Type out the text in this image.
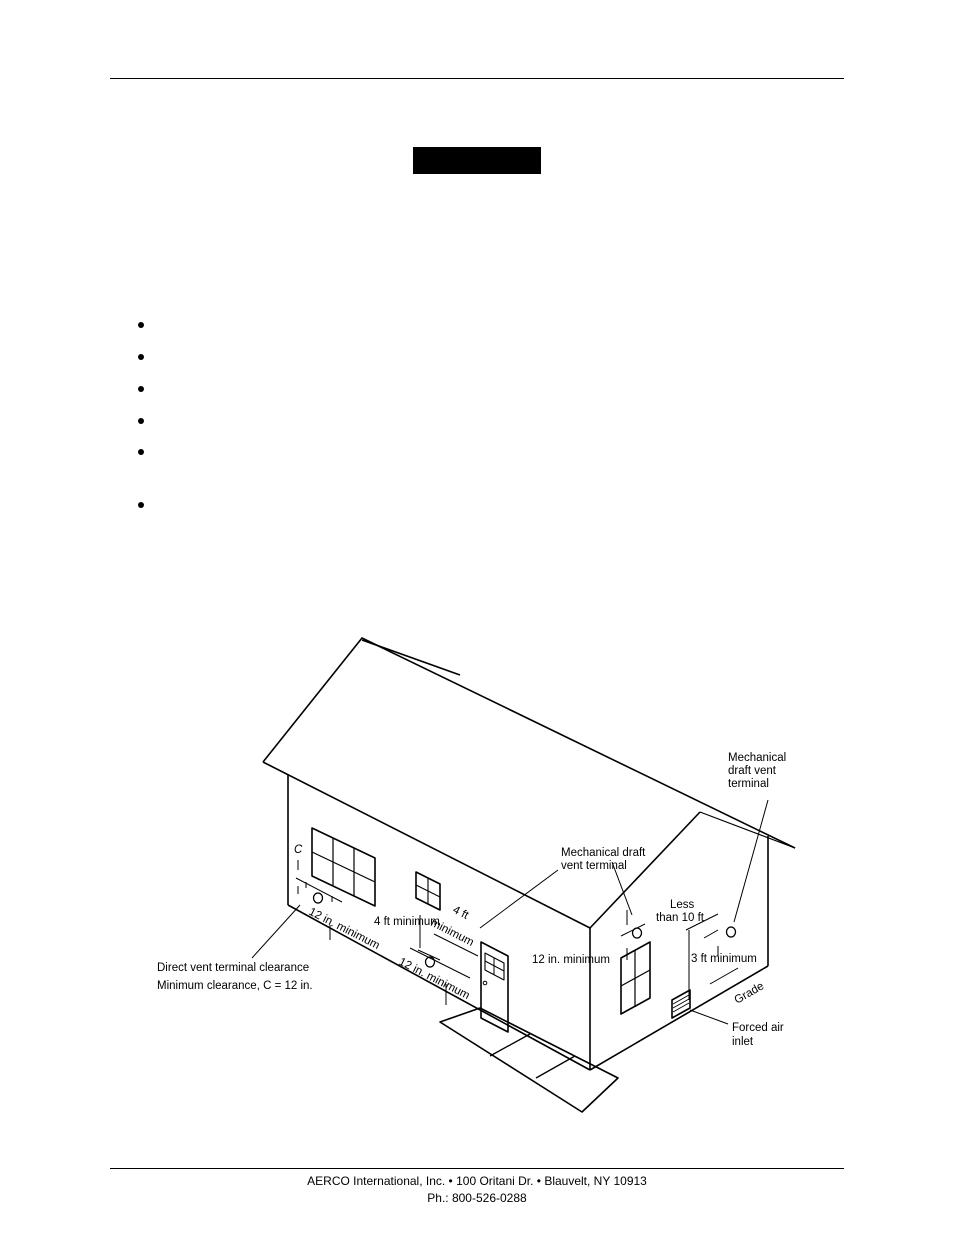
Mechanical
draft vent
terminal
Mechanical draft
vent terminal
Less
than 10 ft
3 ft minimum
12 in. minimum
4 ft minimum
4 ft
minimum
12 in. minimum
12 in. minimum
C
Direct vent terminal clearance
Minimum clearance, C = 12 in.
Forced air
inlet
Grade
AERCO International, Inc. • 100 Oritani Dr. • Blauvelt, NY 10913
Ph.: 800-526-0288
